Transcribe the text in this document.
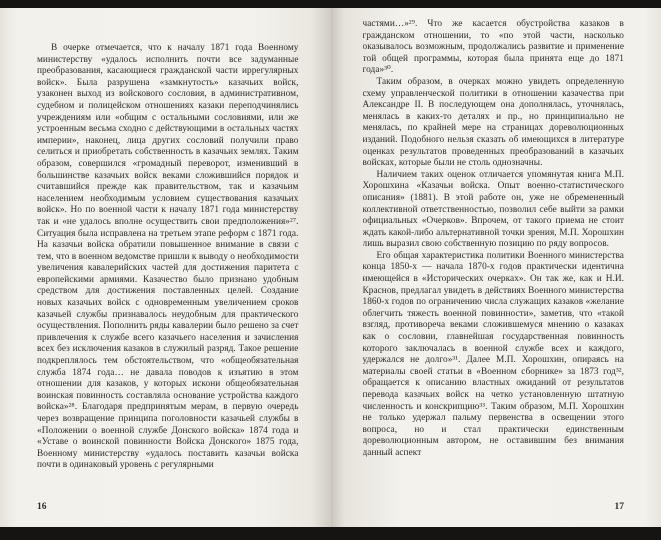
В очерке отмечается, что к началу 1871 года Военному министерству «удалось исполнить почти все задуманные преобразования, касающиеся гражданской части иррегулярных войск». Была разрушена «замкнутость» казачьих войск, узаконен выход из войскового сословия, в административном, судебном и полицейском отношениях казаки переподчинялись учреждениям или «общим с остальными сословиями, или же устроенным весьма сходно с действующими в остальных частях империи», наконец, лица других сословий получили право селиться и приобретать собственность в казачьих землях. Таким образом, совершился «громадный переворот, изменивший в большинстве казачьих войск веками сложившийся порядок и считавшийся прежде как правительством, так и казачьим населением необходимым условием существования казачьих войск». Но по военной части к началу 1871 года министерству так и «не удалось вполне осуществить свои предположения»²⁷. Ситуация была исправлена на третьем этапе реформ с 1871 года. На казачьи войска обратили повышенное внимание в связи с тем, что в военном ведомстве пришли к выводу о необходимости увеличения кавалерийских частей для достижения паритета с европейскими армиями. Казачество было признано удобным средством для достижения поставленных целей. Создание новых казачьих войск с одновременным увеличением сроков казачьей службы признавалось неудобным для практического осуществления. Пополнить ряды кавалерии было решено за счет привлечения к службе всего казачьего населения и зачисления всех без исключения казаков в служилый разряд. Такое решение подкреплялось тем обстоятельством, что «общеобязательная служба 1874 года… не давала поводов к изъятию в этом отношении для казаков, у которых искони общеобязательная воинская повинность составляла основание устройства каждого войска»²⁸. Благодаря предпринятым мерам, в первую очередь через возвращение принципа поголовности казачьей службы в «Положении о военной службе Донского войска» 1874 года и «Уставе о воинской повинности Войска Донского» 1875 года, Военному министерству «удалось поставить казачьи войска почти в одинаковый уровень с регулярными

16

частями…»²⁹. Что же касается обустройства казаков в гражданском отношении, то «по этой части, насколько оказывалось возможным, продолжались развитие и применение той общей программы, которая была принята еще до 1871 года»³⁰.

Таким образом, в очерках можно увидеть определенную схему управленческой политики в отношении казачества при Александре II. В последующем она дополнялась, уточнялась, менялась в каких-то деталях и пр., но принципиально не менялась, по крайней мере на страницах дореволюционных изданий. Подобного нельзя сказать об имеющихся в литературе оценках результатов проведенных преобразований в казачьих войсках, которые были не столь однозначны.

Наличием таких оценок отличается упомянутая книга М.П. Хорошхина «Казачьи войска. Опыт военно-статистического описания» (1881). В этой работе он, уже не обремененный коллективной ответственностью, позволил себе выйти за рамки официальных «Очерков». Впрочем, от такого приема не стоит ждать какой-либо альтернативной точки зрения, М.П. Хорошхин лишь выразил свою собственную позицию по ряду вопросов.

Его общая характеристика политики Военного министерства конца 1850-х — начала 1870-х годов практически идентична имеющейся в «Исторических очерках». Он так же, как и Н.И. Краснов, предлагал увидеть в действиях Военного министерства 1860-х годов по ограничению числа служащих казаков «желание облегчить тяжесть военной повинности», заметив, что «такой взгляд, противореча веками сложившемуся мнению о казаках как о сословии, главнейшая государственная повинность которого заключалась в военной службе всех и каждого, удержался не долго»³¹. Далее М.П. Хорошхин, опираясь на материалы своей статьи в «Военном сборнике» за 1873 год³², обращается к описанию властных ожиданий от результатов перевода казачьих войск на четко установленную штатную численность и конскрипцию³³. Таким образом, М.П. Хорошхин не только удержал пальму первенства в освещении этого вопроса, но и стал практически единственным дореволюционным автором, не оставившим без внимания данный аспект

17
